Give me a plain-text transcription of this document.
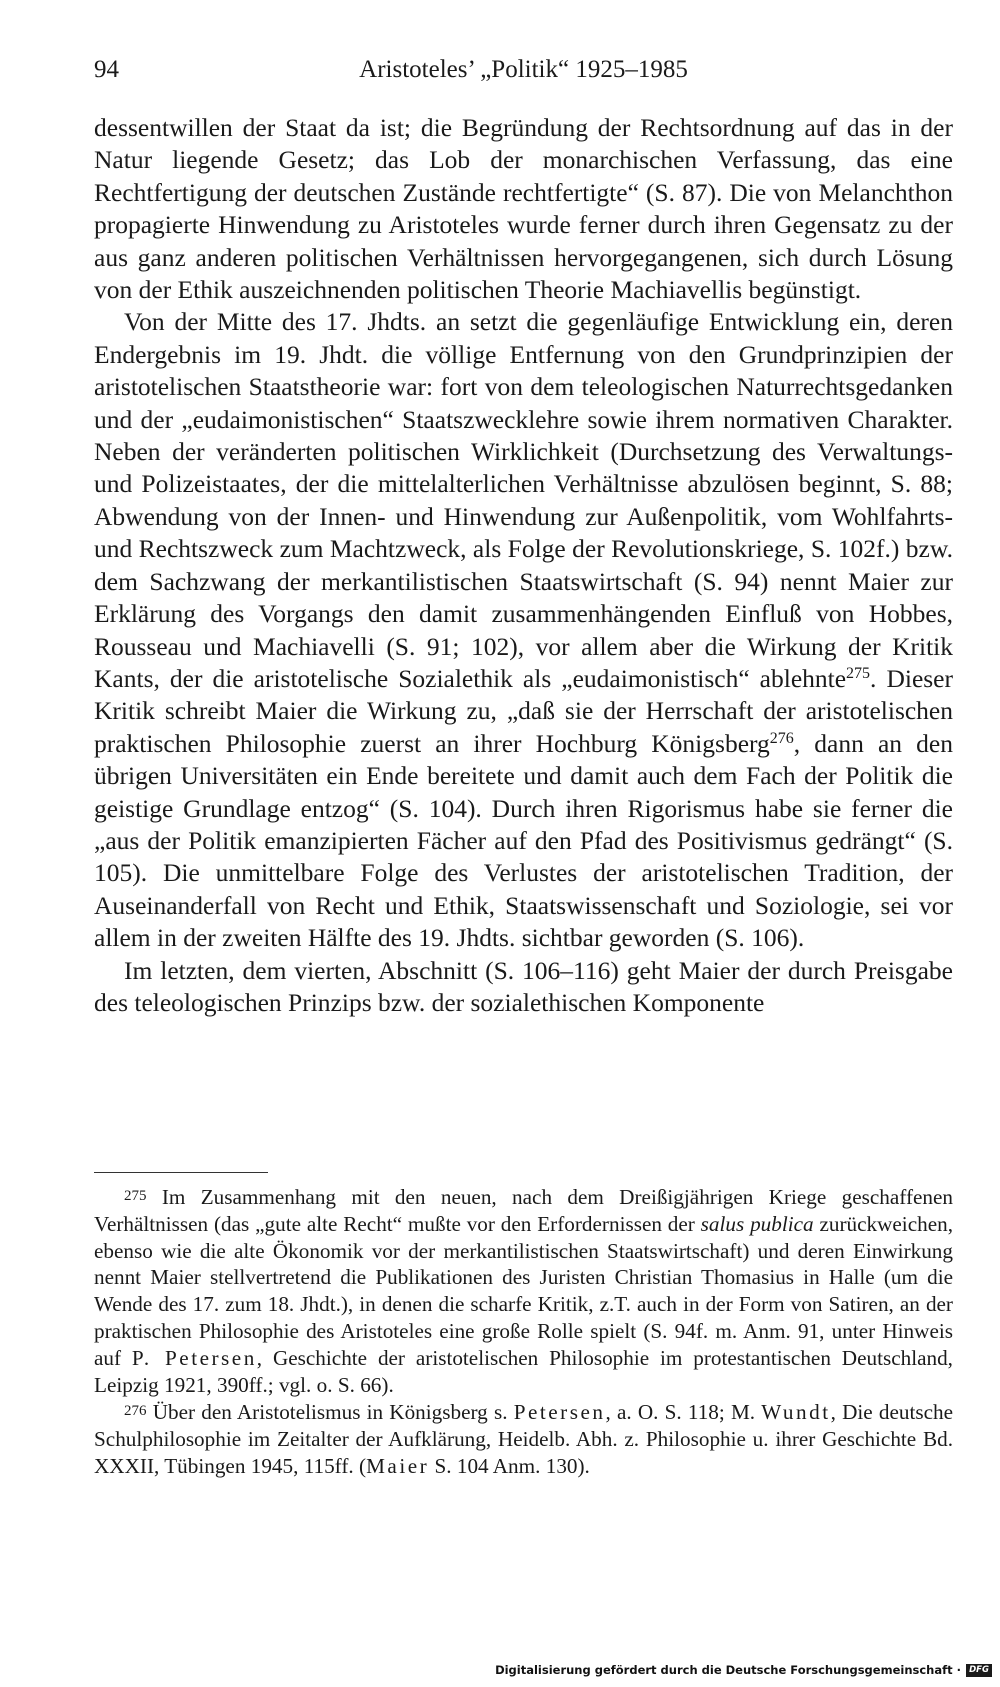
94	Aristoteles’ „Politik“ 1925–1985

dessentwillen der Staat da ist; die Begründung der Rechtsordnung auf das in der Natur liegende Gesetz; das Lob der monarchischen Verfassung, das eine Rechtfertigung der deutschen Zustände rechtfertigte“ (S. 87). Die von Melanchthon propagierte Hinwendung zu Aristoteles wurde ferner durch ihren Gegensatz zu der aus ganz anderen politischen Verhältnissen hervorgegangenen, sich durch Lösung von der Ethik auszeichnenden politischen Theorie Machiavellis begünstigt.

Von der Mitte des 17. Jhdts. an setzt die gegenläufige Entwicklung ein, deren Endergebnis im 19. Jhdt. die völlige Entfernung von den Grundprinzipien der aristotelischen Staatstheorie war: fort von dem teleologischen Naturrechtsgedanken und der „eudaimonistischen“ Staatszwecklehre sowie ihrem normativen Charakter. Neben der veränderten politischen Wirklichkeit (Durchsetzung des Verwaltungs- und Polizeistaates, der die mittelalterlichen Verhältnisse abzulösen beginnt, S. 88; Abwendung von der Innen- und Hinwendung zur Außenpolitik, vom Wohlfahrts- und Rechtszweck zum Machtzweck, als Folge der Revolutionskriege, S. 102f.) bzw. dem Sachzwang der merkantilistischen Staatswirtschaft (S. 94) nennt Maier zur Erklärung des Vorgangs den damit zusammenhängenden Einfluß von Hobbes, Rousseau und Machiavelli (S. 91; 102), vor allem aber die Wirkung der Kritik Kants, der die aristotelische Sozialethik als „eudaimonistisch“ ablehnte$^{275}$. Dieser Kritik schreibt Maier die Wirkung zu, „daß sie der Herrschaft der aristotelischen praktischen Philosophie zuerst an ihrer Hochburg Königsberg$^{276}$, dann an den übrigen Universitäten ein Ende bereitete und damit auch dem Fach der Politik die geistige Grundlage entzog“ (S. 104). Durch ihren Rigorismus habe sie ferner die „aus der Politik emanzipierten Fächer auf den Pfad des Positivismus gedrängt“ (S. 105). Die unmittelbare Folge des Verlustes der aristotelischen Tradition, der Auseinanderfall von Recht und Ethik, Staatswissenschaft und Soziologie, sei vor allem in der zweiten Hälfte des 19. Jhdts. sichtbar geworden (S. 106).

Im letzten, dem vierten, Abschnitt (S. 106–116) geht Maier der durch Preisgabe des teleologischen Prinzips bzw. der sozialethischen Komponente

275 Im Zusammenhang mit den neuen, nach dem Dreißigjährigen Kriege geschaffenen Verhältnissen (das „gute alte Recht“ mußte vor den Erfordernissen der salus publica zurückweichen, ebenso wie die alte Ökonomik vor der merkantilistischen Staatswirtschaft) und deren Einwirkung nennt Maier stellvertretend die Publikationen des Juristen Christian Thomasius in Halle (um die Wende des 17. zum 18. Jhdt.), in denen die scharfe Kritik, z.T. auch in der Form von Satiren, an der praktischen Philosophie des Aristoteles eine große Rolle spielt (S. 94f. m. Anm. 91, unter Hinweis auf P. Petersen, Geschichte der aristotelischen Philosophie im protestantischen Deutschland, Leipzig 1921, 390ff.; vgl. o. S. 66).

276 Über den Aristotelismus in Königsberg s. Petersen, a. O. S. 118; M. Wundt, Die deutsche Schulphilosophie im Zeitalter der Aufklärung, Heidelb. Abh. z. Philosophie u. ihrer Geschichte Bd. XXXII, Tübingen 1945, 115ff. (Maier S. 104 Anm. 130).

Digitalisierung gefördert durch die Deutsche Forschungsgemeinschaft · DFG
